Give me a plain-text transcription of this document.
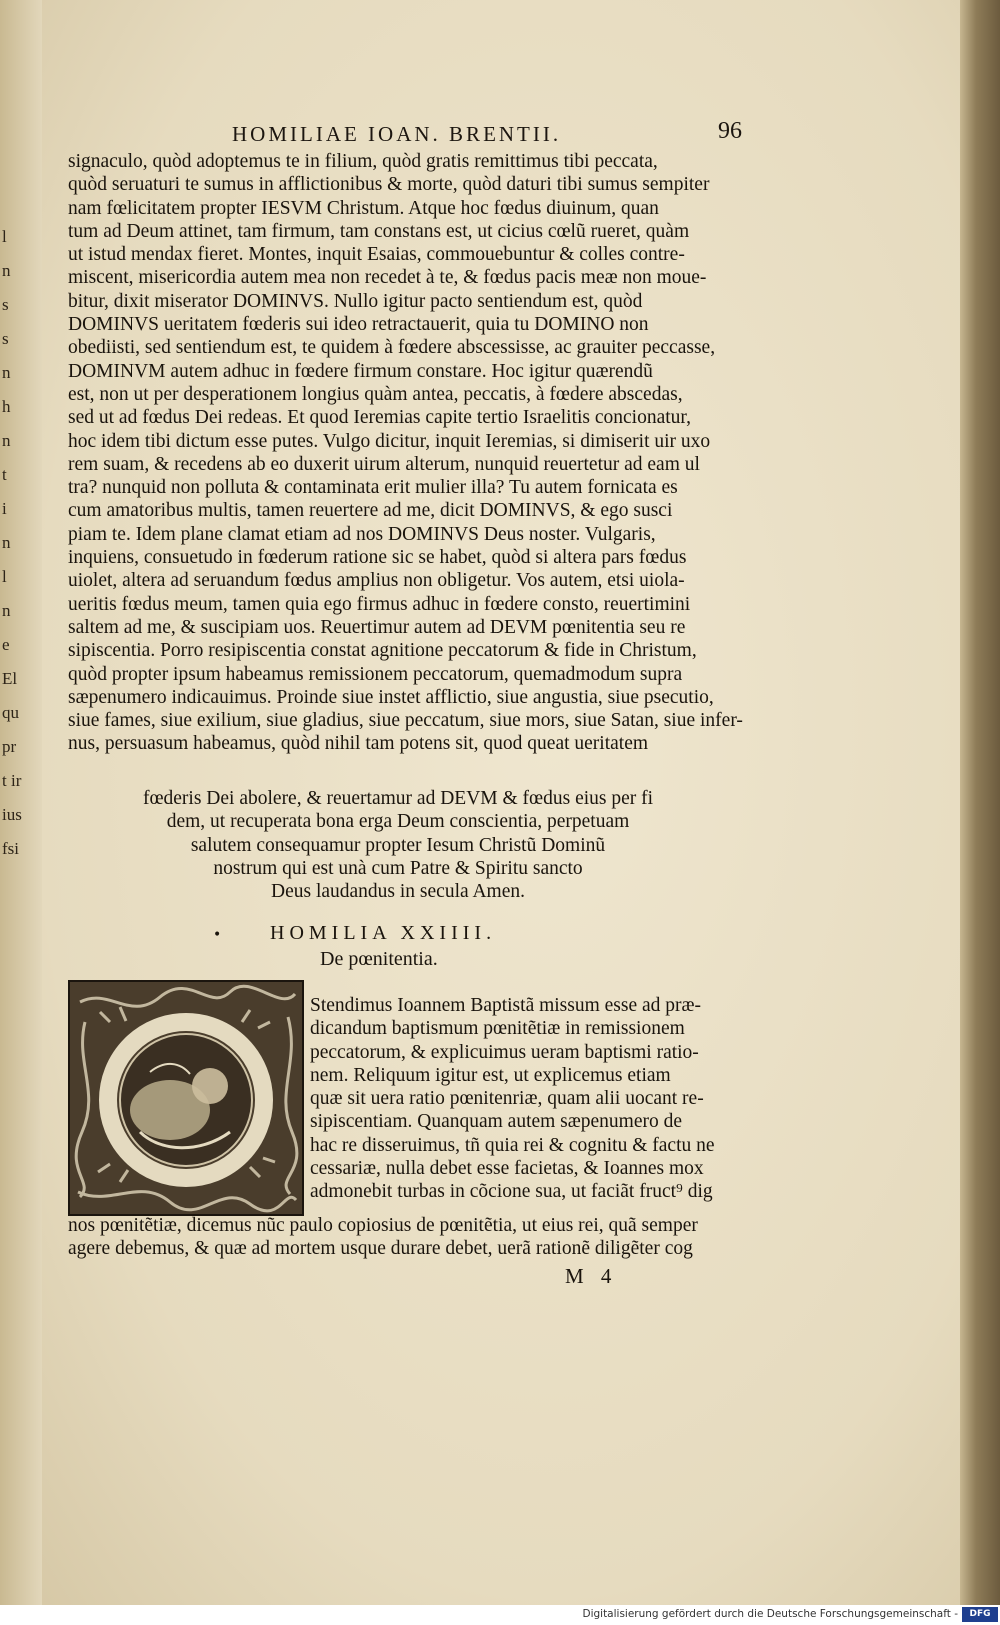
l
n
s
s
n
h
n
t
i
n
l
n
e
El
qu
pr
t ir
ius
fsi
HOMILIAE IOAN. BRENTII.	96
signaculo, quòd adoptemus te in filium, quòd gratis remittimus tibi peccata,
quòd seruaturi te sumus in afflictionibus & morte, quòd daturi tibi sumus sempiter
nam fœlicitatem propter IESVM Christum. Atque hoc fœdus diuinum, quan
tum ad Deum attinet, tam firmum, tam constans est, ut cicius cœlũ rueret, quàm
ut istud mendax fieret. Montes, inquit Esaias, commouebuntur & colles contre-
miscent, misericordia autem mea non recedet à te, & fœdus pacis meæ non moue-
bitur, dixit miserator DOMINVS. Nullo igitur pacto sentiendum est, quòd
DOMINVS ueritatem fœderis sui ideo retractauerit, quia tu DOMINO non
obediisti, sed sentiendum est, te quidem à fœdere abscessisse, ac grauiter peccasse,
DOMINVM autem adhuc in fœdere firmum constare. Hoc igitur quærendũ
est, non ut per desperationem longius quàm antea, peccatis, à fœdere abscedas,
sed ut ad fœdus Dei redeas. Et quod Ieremias capite tertio Israelitis concionatur,
hoc idem tibi dictum esse putes. Vulgo dicitur, inquit Ieremias, si dimiserit uir uxo
rem suam, & recedens ab eo duxerit uirum alterum, nunquid reuertetur ad eam ul
tra? nunquid non polluta & contaminata erit mulier illa? Tu autem fornicata es
cum amatoribus multis, tamen reuertere ad me, dicit DOMINVS, & ego susci
piam te. Idem plane clamat etiam ad nos DOMINVS Deus noster. Vulgaris,
inquiens, consuetudo in fœderum ratione sic se habet, quòd si altera pars fœdus
uiolet, altera ad seruandum fœdus amplius non obligetur. Vos autem, etsi uiola-
ueritis fœdus meum, tamen quia ego firmus adhuc in fœdere consto, reuertimini
saltem ad me, & suscipiam uos. Reuertimur autem ad DEVM pœnitentia seu re
sipiscentia. Porro resipiscentia constat agnitione peccatorum & fide in Christum,
quòd propter ipsum habeamus remissionem peccatorum, quemadmodum supra
sæpenumero indicauimus. Proinde siue instet afflictio, siue angustia, siue psecutio,
siue fames, siue exilium, siue gladius, siue peccatum, siue mors, siue Satan, siue infer-
nus, persuasum habeamus, quòd nihil tam potens sit, quod queat ueritatem
fœderis Dei abolere, & reuertamur ad DEVM & fœdus eius per fi
dem, ut recuperata bona erga Deum conscientia, perpetuam
salutem consequamur propter Iesum Christũ Dominũ
nostrum qui est unà cum Patre & Spiritu sancto
Deus laudandus in secula Amen.
• HOMILIA XXIIII.
De pœnitentia.
Stendimus Ioannem Baptistã missum esse ad præ-
dicandum baptismum pœnitẽtiæ in remissionem
peccatorum, & explicuimus ueram baptismi ratio-
nem. Reliquum igitur est, ut explicemus etiam
quæ sit uera ratio pœnitenriæ, quam alii uocant re-
sipiscentiam. Quanquam autem sæpenumero de
hac re disseruimus, tñ quia rei & cognitu & factu ne
cessariæ, nulla debet esse facietas, & Ioannes mox
admonebit turbas in cõcione sua, ut faciãt fruct⁹ dig
nos pœnitẽtiæ, dicemus nũc paulo copiosius de pœnitẽtia, ut eius rei, quã semper
agere debemus, & quæ ad mortem usque durare debet, uerã rationẽ diligẽter cog
M 4
Digitalisierung gefördert durch die Deutsche Forschungsgemeinschaft -	DFG
